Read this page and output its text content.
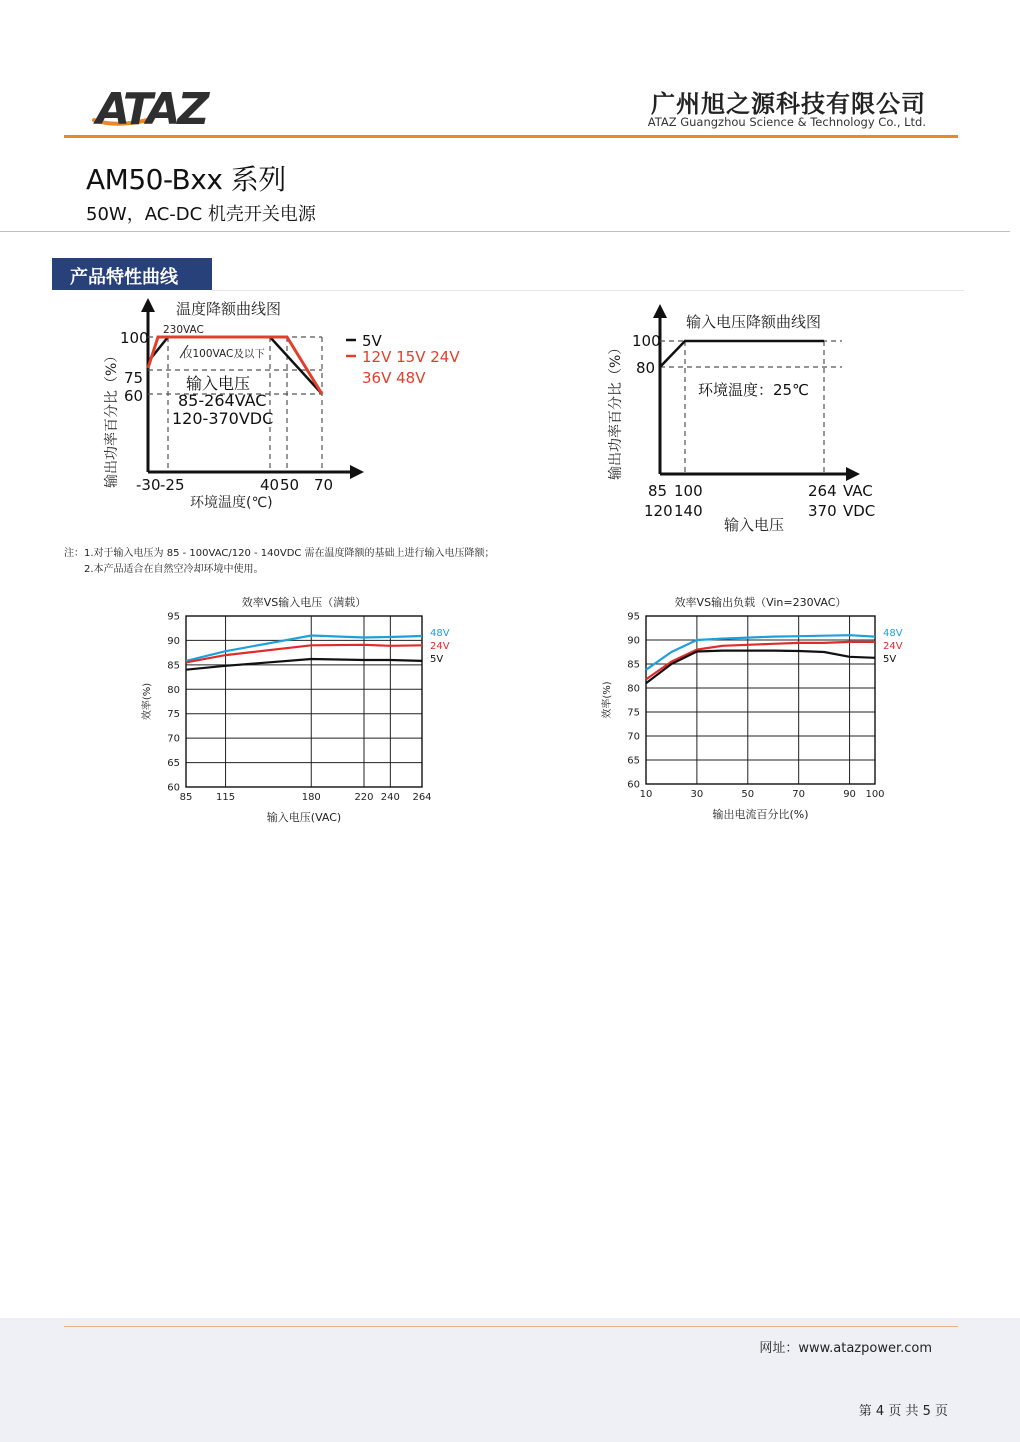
ATAZ	广州旭之源科技有限公司
ATAZ Guangzhou Science & Technology Co., Ltd.
AM50-Bxx 系列
50W，AC-DC 机壳开关电源
产品特性曲线
温度降额曲线图
输出功率百分比（%）
100
75
60
-30 -25	40 50 70
环境温度(℃)
230VAC
仅100VAC及以下
输入电压
85-264VAC
120-370VDC
5V
12V 15V 24V
36V 48V
输入电压降额曲线图
输出功率百分比（%） 100
80
环境温度：25℃
85 100	264 VAC
120 140	370 VDC
输入电压
注：1.对于输入电压为 85 - 100VAC/120 - 140VDC 需在温度降额的基础上进行输入电压降额；
2.本产品适合在自然空冷却环境中使用。
效率VS输入电压（满载）
60
65
70
75
80
85
90
95
85 115	180	220 240 264
输入电压(VAC)
效率(%)
48V
24V
5V
效率VS输出负载（Vin=230VAC）
60
65
70
75
80
85
90
95
10	30	50	70	90 100
输出电流百分比(%)
效率(%)
48V
24V
5V
网址：www.atazpower.com
第 4 页 共 5 页
